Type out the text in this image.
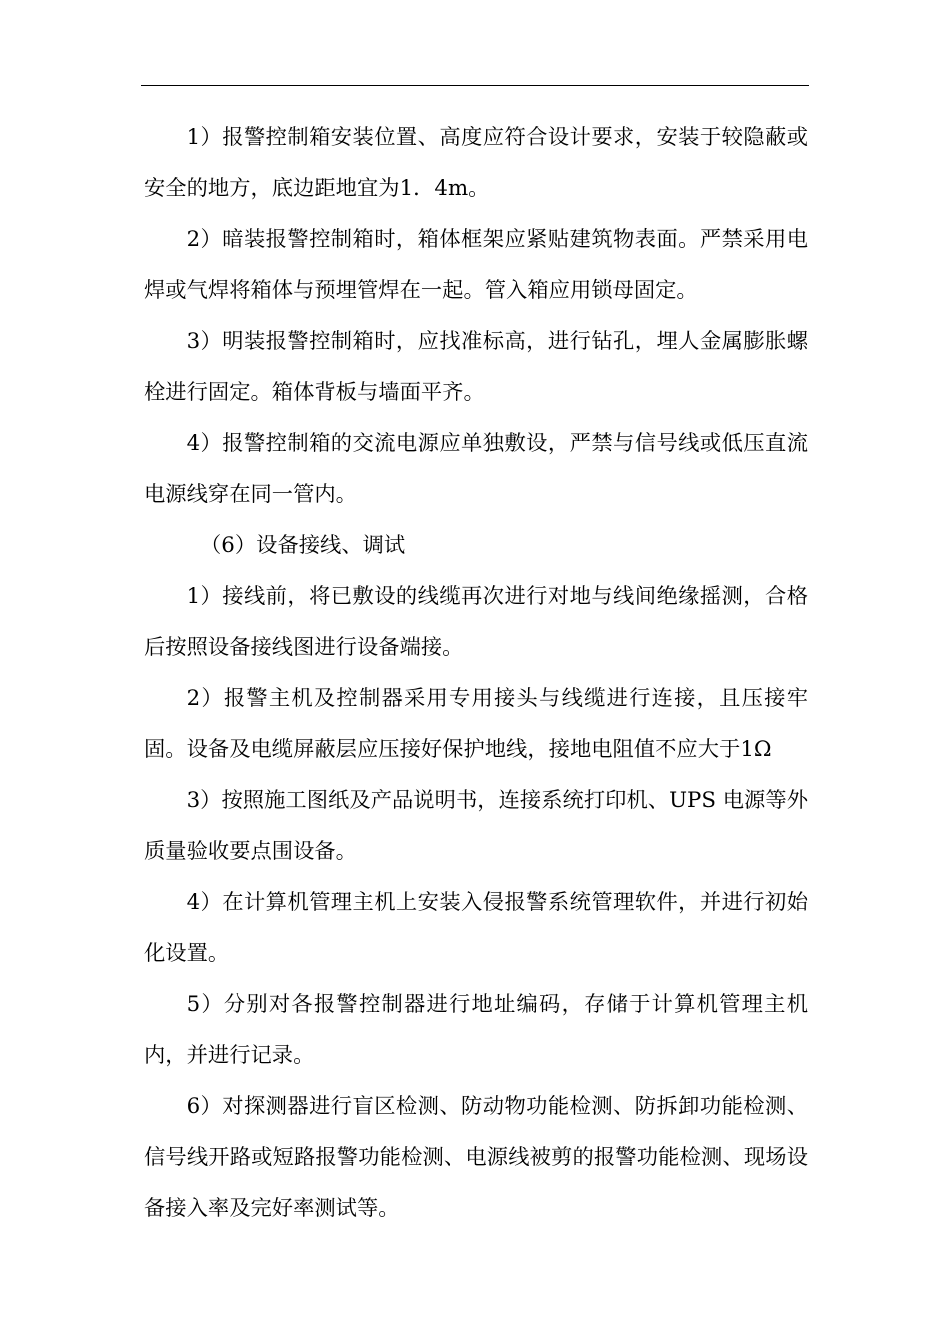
1）报警控制箱安装位置、高度应符合设计要求，安装于较隐蔽或安全的地方，底边距地宜为1．4m。

2）暗装报警控制箱时，箱体框架应紧贴建筑物表面。严禁采用电焊或气焊将箱体与预埋管焊在一起。管入箱应用锁母固定。

3）明装报警控制箱时，应找准标高，进行钻孔，埋人金属膨胀螺栓进行固定。箱体背板与墙面平齐。

4）报警控制箱的交流电源应单独敷设，严禁与信号线或低压直流电源线穿在同一管内。

（6）设备接线、调试

1）接线前，将已敷设的线缆再次进行对地与线间绝缘摇测，合格后按照设备接线图进行设备端接。

2）报警主机及控制器采用专用接头与线缆进行连接，且压接牢固。设备及电缆屏蔽层应压接好保护地线，接地电阻值不应大于1Ω

3）按照施工图纸及产品说明书，连接系统打印机、UPS 电源等外质量验收要点围设备。

4）在计算机管理主机上安装入侵报警系统管理软件，并进行初始化设置。

5）分别对各报警控制器进行地址编码，存储于计算机管理主机内，并进行记录。

6）对探测器进行盲区检测、防动物功能检测、防拆卸功能检测、信号线开路或短路报警功能检测、电源线被剪的报警功能检测、现场设备接入率及完好率测试等。
